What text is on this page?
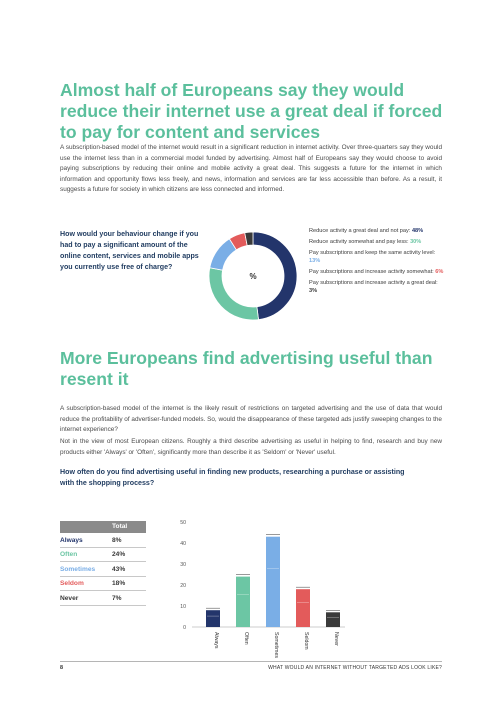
Almost half of Europeans say they would reduce their internet use a great deal if forced to pay for content and services
A subscription-based model of the internet would result in a significant reduction in internet activity. Over three-quarters say they would use the internet less than in a commercial model funded by advertising. Almost half of Europeans say they would choose to avoid paying subscriptions by reducing their online and mobile activity a great deal. This suggests a future for the internet in which information and opportunity flows less freely, and news, information and services are far less accessible than before. As a result, it suggests a future for society in which citizens are less connected and informed.
How would your behaviour change if you had to pay a significant amount of the online content, services and mobile apps you currently use free of charge?
%
Reduce activity a great deal and not pay: 48%
Reduce activity somewhat and pay less: 30%
Pay subscriptions and keep the same activity level: 13%
Pay subscriptions and increase activity somewhat: 6%
Pay subscriptions and increase activity a great deal: 3%
More Europeans find advertising useful than resent it
A subscription-based model of the internet is the likely result of restrictions on targeted advertising and the use of data that would reduce the profitability of advertiser-funded models. So, would the disappearance of these targeted ads justify sweeping changes to the internet experience?
Not in the view of most European citizens. Roughly a third describe advertising as useful in helping to find, research and buy new products either 'Always' or 'Often', significantly more than describe it as 'Seldom' or 'Never' useful.
How often do you find advertising useful in finding new products, researching a purchase or assisting with the shopping process?
Total
Always	8%
Often	24%
Sometimes	43%
Seldom	18%
Never	7%
0
10
20
30
40
50
Always	Often	Sometimes	Seldom	Never
8	WHAT WOULD AN INTERNET WITHOUT TARGETED ADS LOOK LIKE?
